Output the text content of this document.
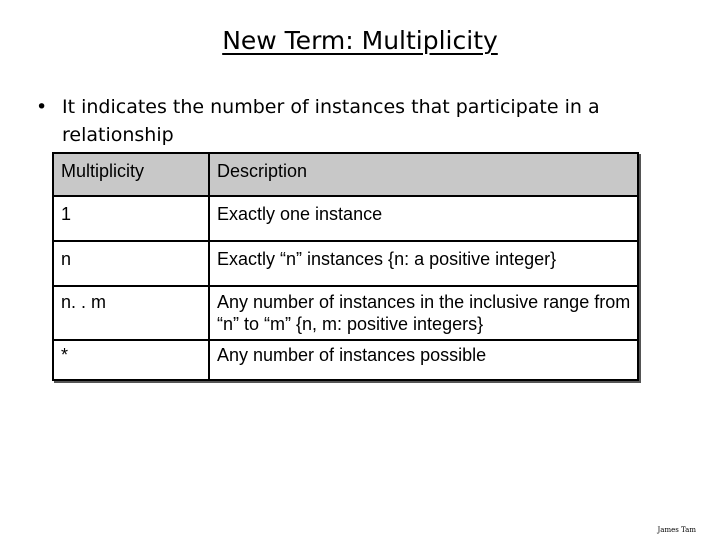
New Term: Multiplicity
• It indicates the number of instances that participate in a relationship
Multiplicity	Description
1	Exactly one instance
n	Exactly “n” instances {n: a positive integer}
n. . m	Any number of instances in the inclusive range from “n” to “m” {n, m: positive integers}
*	Any number of instances possible
James Tam
